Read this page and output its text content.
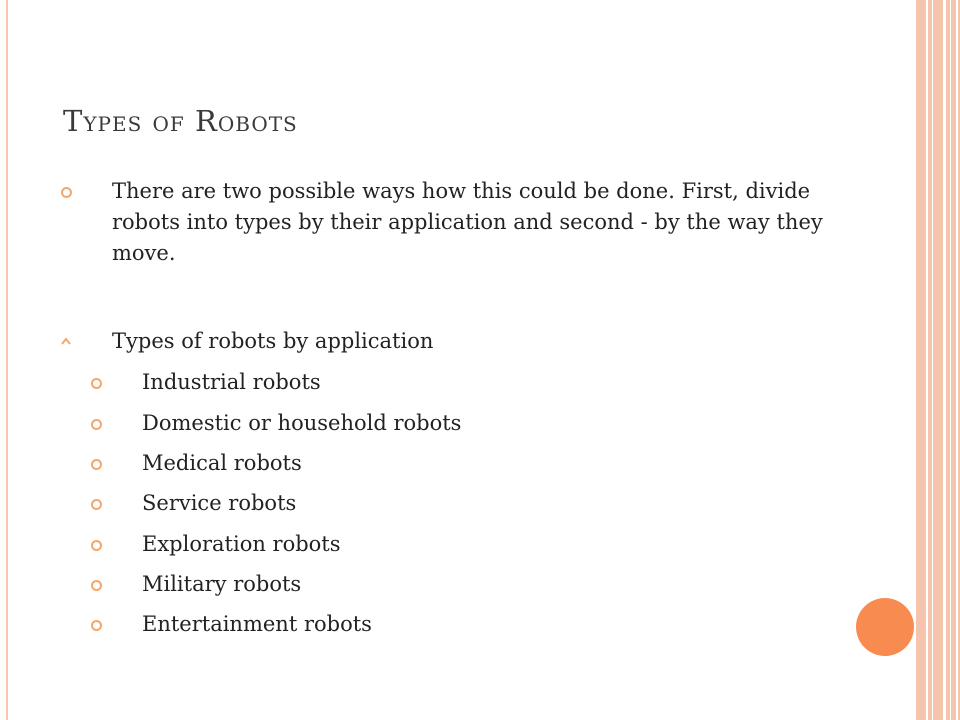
Types of Robots
There are two possible ways how this could be done. First, divide robots into types by their application and second - by the way they move.
Types of robots by application
Industrial robots
Domestic or household robots
Medical robots
Service robots
Exploration robots
Military robots
Entertainment robots
